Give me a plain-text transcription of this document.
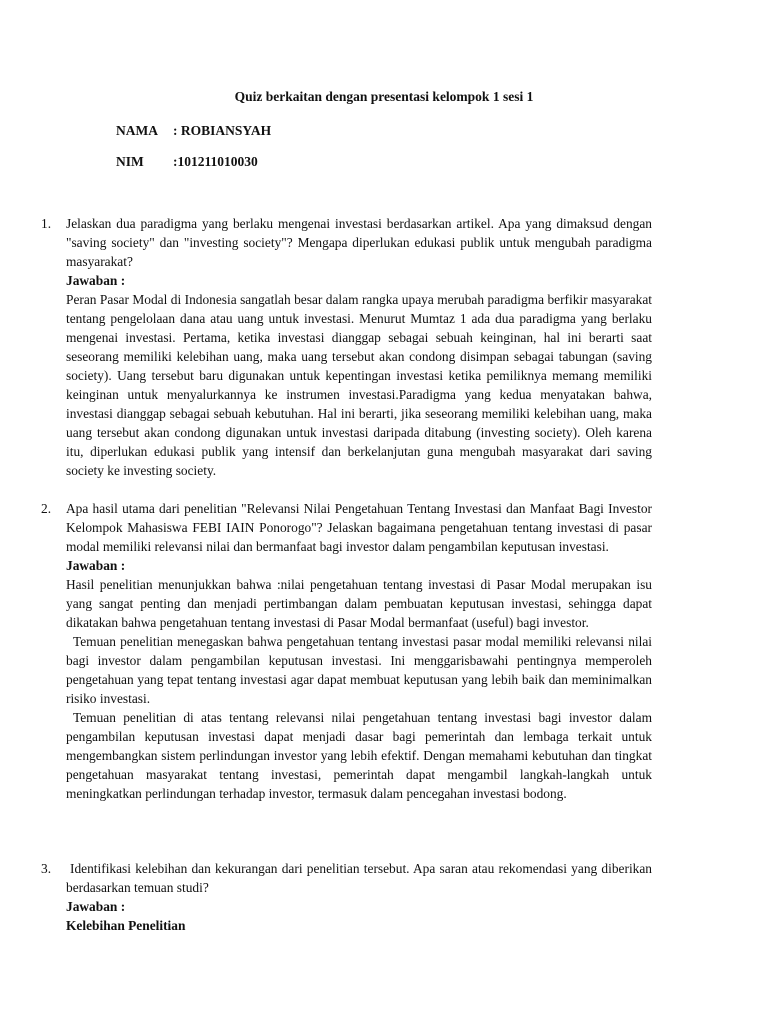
Quiz berkaitan dengan presentasi kelompok 1 sesi 1
NAMA : ROBIANSYAH
NIM :101211010030
1. Jelaskan dua paradigma yang berlaku mengenai investasi berdasarkan artikel. Apa yang dimaksud dengan "saving society" dan "investing society"? Mengapa diperlukan edukasi publik untuk mengubah paradigma masyarakat?

Jawaban :

Peran Pasar Modal di Indonesia sangatlah besar dalam rangka upaya merubah paradigma berfikir masyarakat tentang pengelolaan dana atau uang untuk investasi. Menurut Mumtaz 1 ada dua paradigma yang berlaku mengenai investasi. Pertama, ketika investasi dianggap sebagai sebuah keinginan, hal ini berarti saat seseorang memiliki kelebihan uang, maka uang tersebut akan condong disimpan sebagai tabungan (saving society). Uang tersebut baru digunakan untuk kepentingan investasi ketika pemiliknya memang memiliki keinginan untuk menyalurkannya ke instrumen investasi.Paradigma yang kedua menyatakan bahwa, investasi dianggap sebagai sebuah kebutuhan. Hal ini berarti, jika seseorang memiliki kelebihan uang, maka uang tersebut akan condong digunakan untuk investasi daripada ditabung (investing society). Oleh karena itu, diperlukan edukasi publik yang intensif dan berkelanjutan guna mengubah masyarakat dari saving society ke investing society.

2. Apa hasil utama dari penelitian "Relevansi Nilai Pengetahuan Tentang Investasi dan Manfaat Bagi Investor Kelompok Mahasiswa FEBI IAIN Ponorogo"? Jelaskan bagaimana pengetahuan tentang investasi di pasar modal memiliki relevansi nilai dan bermanfaat bagi investor dalam pengambilan keputusan investasi.

Jawaban :

Hasil penelitian menunjukkan bahwa :nilai pengetahuan tentang investasi di Pasar Modal merupakan isu yang sangat penting dan menjadi pertimbangan dalam pembuatan keputusan investasi, sehingga dapat dikatakan bahwa pengetahuan tentang investasi di Pasar Modal bermanfaat (useful) bagi investor.

Temuan penelitian menegaskan bahwa pengetahuan tentang investasi pasar modal memiliki relevansi nilai bagi investor dalam pengambilan keputusan investasi. Ini menggarisbawahi pentingnya memperoleh pengetahuan yang tepat tentang investasi agar dapat membuat keputusan yang lebih baik dan meminimalkan risiko investasi.

Temuan penelitian di atas tentang relevansi nilai pengetahuan tentang investasi bagi investor dalam pengambilan keputusan investasi dapat menjadi dasar bagi pemerintah dan lembaga terkait untuk mengembangkan sistem perlindungan investor yang lebih efektif. Dengan memahami kebutuhan dan tingkat pengetahuan masyarakat tentang investasi, pemerintah dapat mengambil langkah-langkah untuk meningkatkan perlindungan terhadap investor, termasuk dalam pencegahan investasi bodong.

3. Identifikasi kelebihan dan kekurangan dari penelitian tersebut. Apa saran atau rekomendasi yang diberikan berdasarkan temuan studi?

Jawaban :

Kelebihan Penelitian
